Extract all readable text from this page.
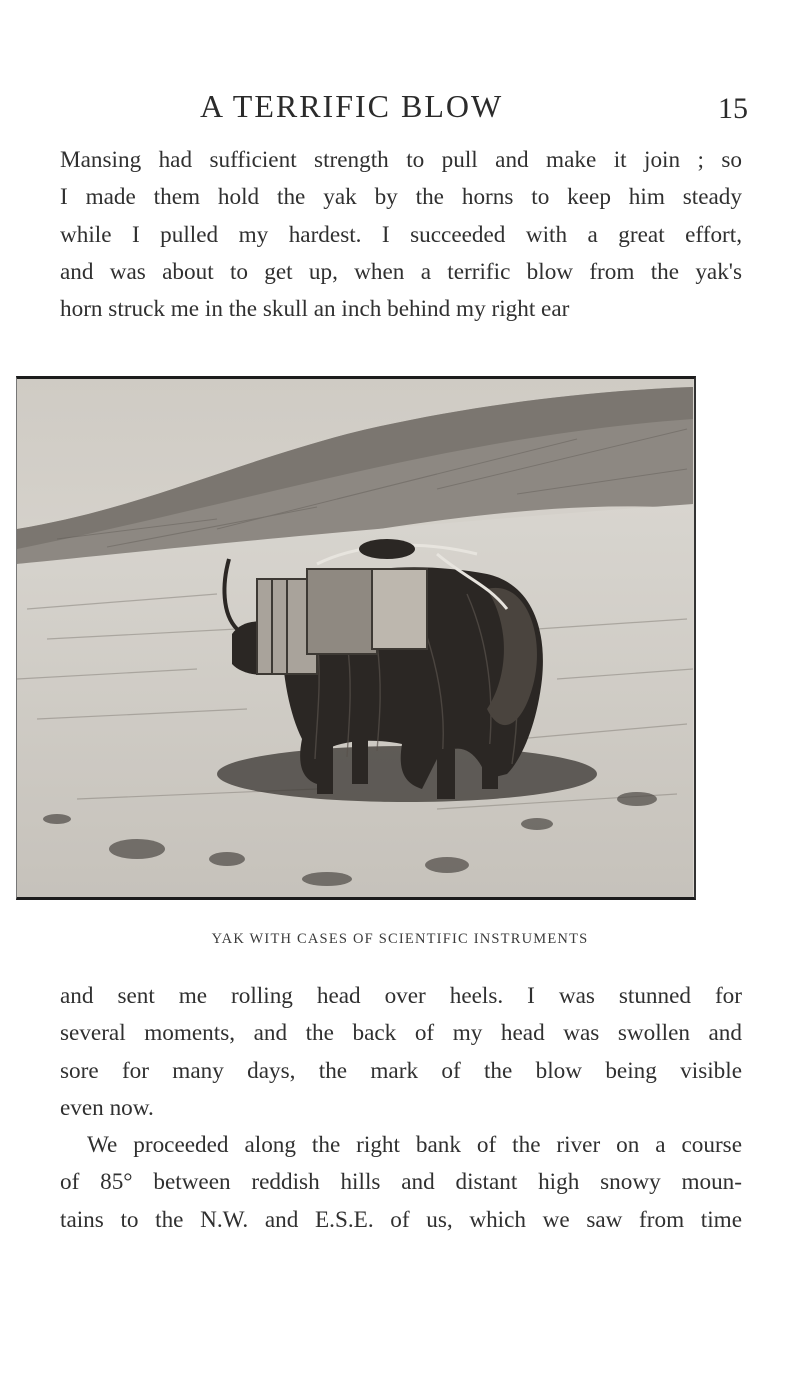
A TERRIFIC BLOW	15

Mansing had sufficient strength to pull and make it join ; so
I made them hold the yak by the horns to keep him steady
while I pulled my hardest. I succeeded with a great effort,
and was about to get up, when a terrific blow from the yak's
horn struck me in the skull an inch behind my right ear

YAK WITH CASES OF SCIENTIFIC INSTRUMENTS

and sent me rolling head over heels. I was stunned for
several moments, and the back of my head was swollen and
sore for many days, the mark of the blow being visible
even now.

We proceeded along the right bank of the river on a course
of 85° between reddish hills and distant high snowy moun-
tains to the N.W. and E.S.E. of us, which we saw from time
